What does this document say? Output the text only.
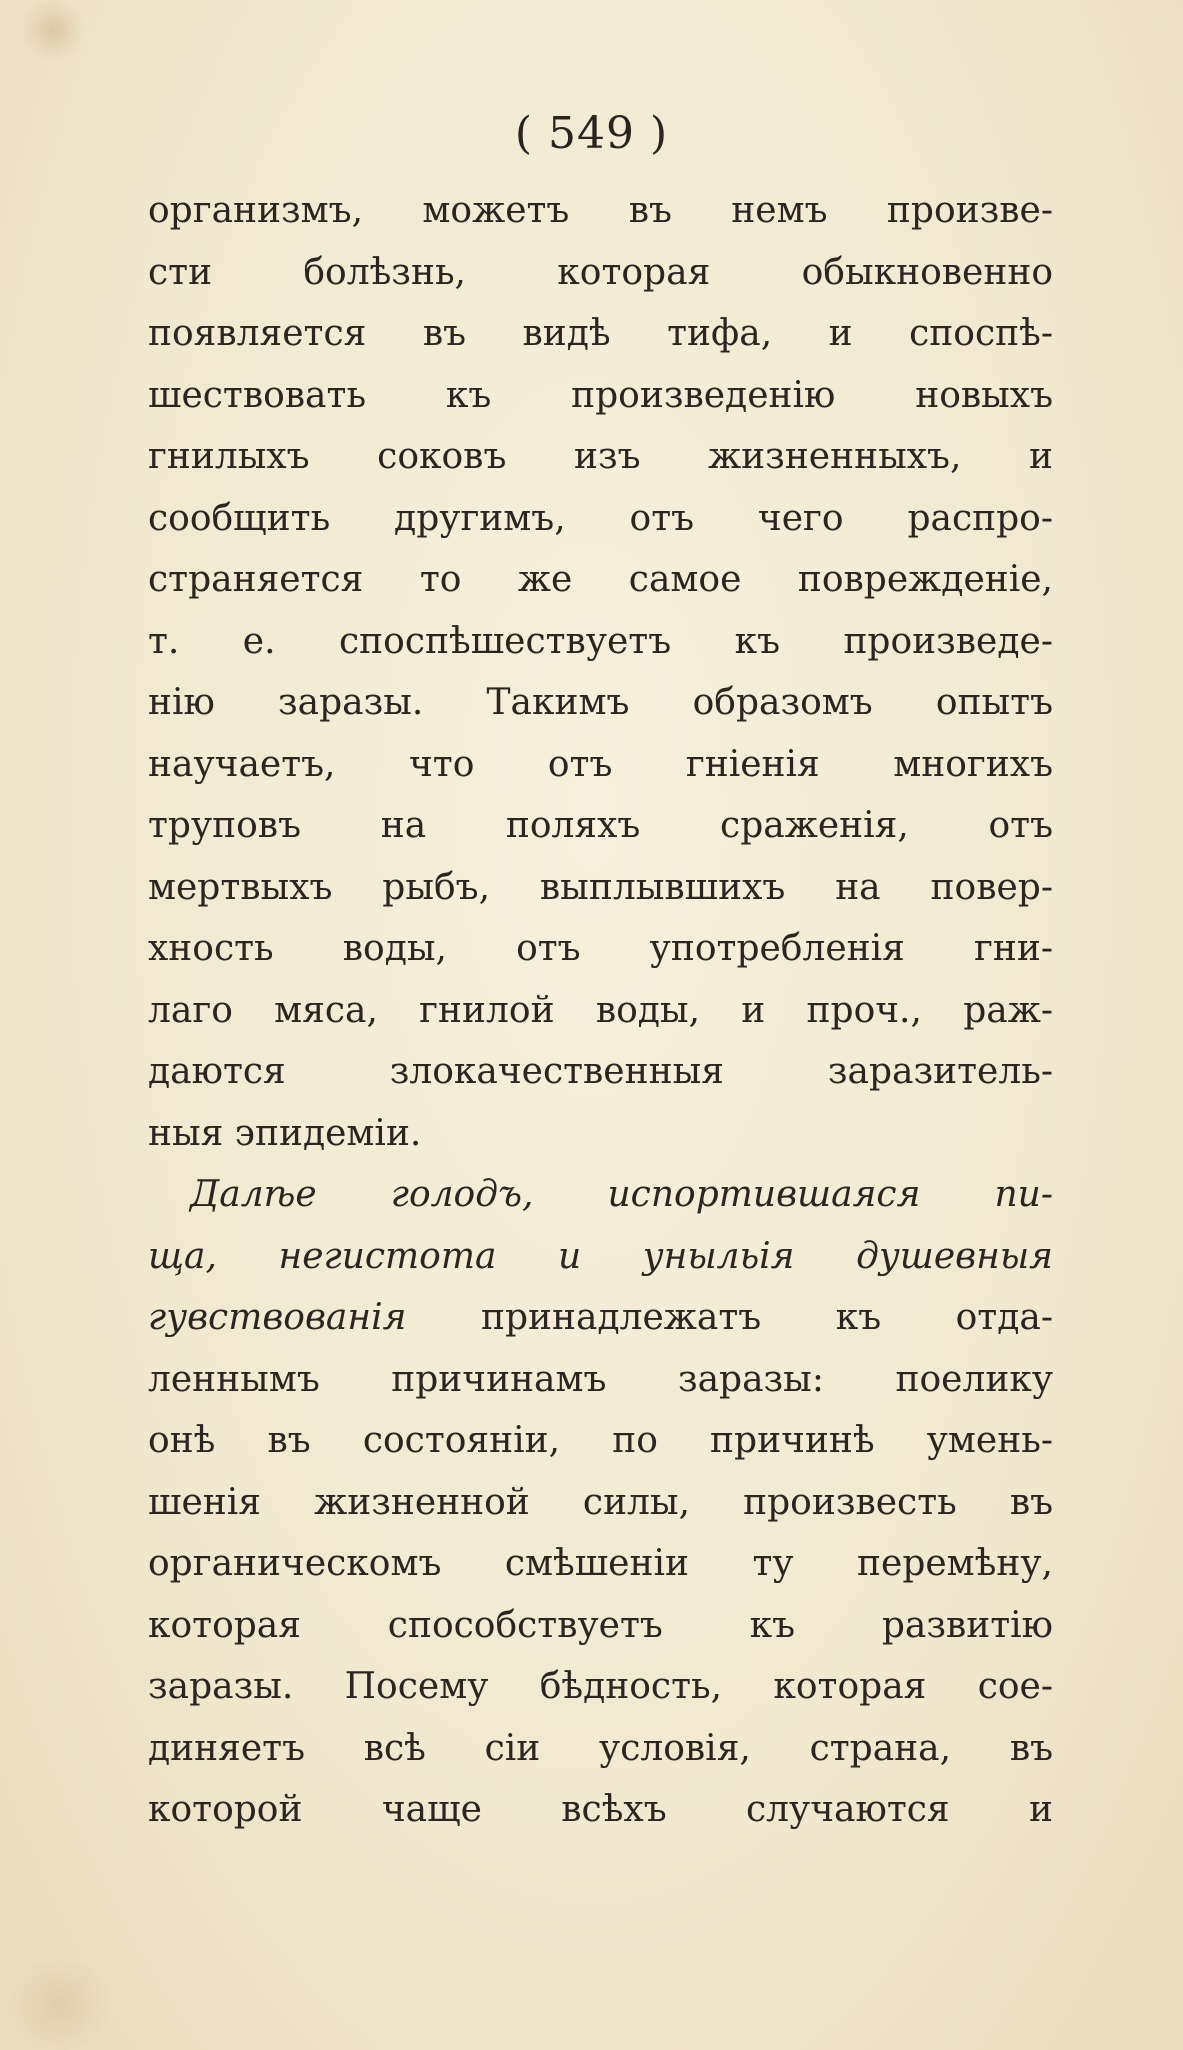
( 549 )
организмъ, можетъ въ немъ произве-
сти болѣзнь, которая обыкновенно
появляется въ видѣ тифа, и споспѣ-
шествовать къ произведенію новыхъ
гнилыхъ соковъ изъ жизненныхъ, и
сообщить другимъ, отъ чего распро-
страняется то же самое поврежденіе,
т. е. споспѣшествуетъ къ произведе-
нію заразы. Такимъ образомъ опытъ
научаетъ, что отъ гніенія многихъ
труповъ на поляхъ сраженія, отъ
мертвыхъ рыбъ, выплывшихъ на повер-
хность воды, отъ употребленія гни-
лаго мяса, гнилой воды, и проч., раж-
даются злокачественныя заразитель-
ныя эпидеміи.
Далѣе голодъ, испортившаяся пи-
ща, негистота и уныльія душевныя
гувствованія принадлежатъ къ отда-
леннымъ причинамъ заразы: поелику
онѣ въ состояніи, по причинѣ умень-
шенія жизненной силы, произвесть въ
органическомъ смѣшеніи ту перемѣну,
которая способствуетъ къ развитію
заразы. Посему бѣдность, которая сое-
диняетъ всѣ сіи условія, страна, въ
которой чаще всѣхъ случаются и
